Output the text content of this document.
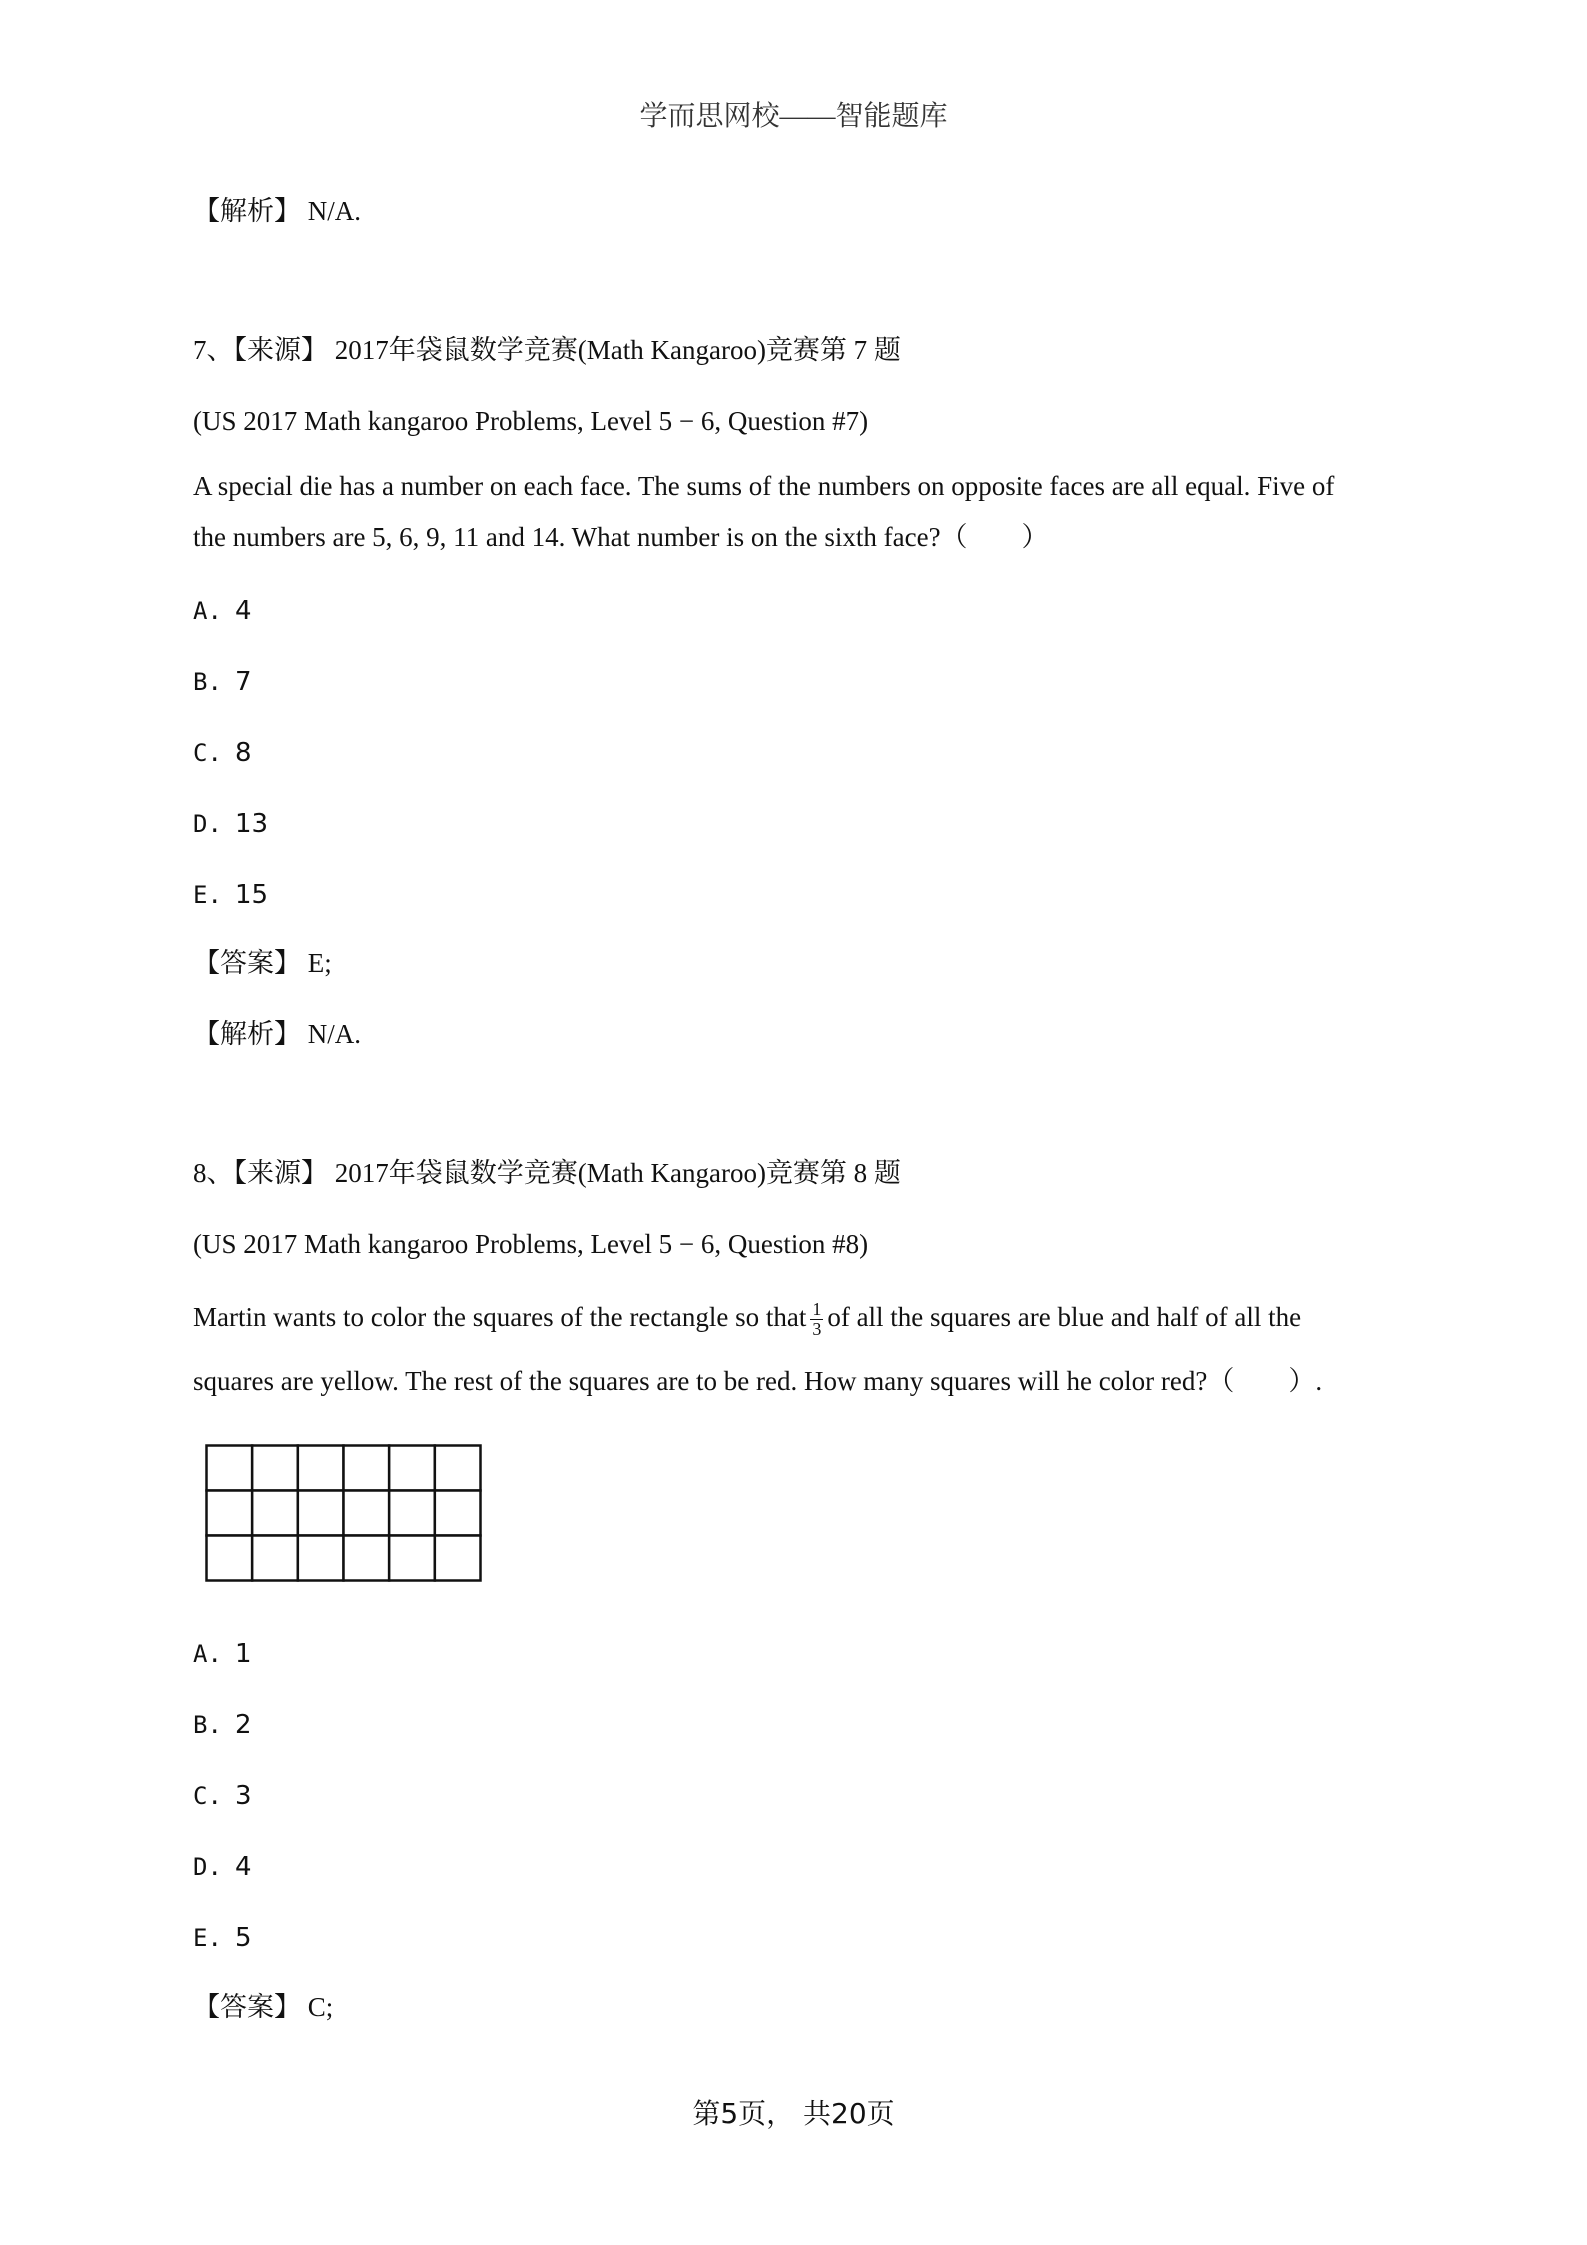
学而思网校——智能题库
【解析】 N/A.
7、【来源】 2017年袋鼠数学竞赛(Math Kangaroo)竞赛第 7 题
(US 2017 Math kangaroo Problems, Level 5 − 6, Question #7)
A special die has a number on each face. The sums of the numbers on opposite faces are all equal. Five of
the numbers are 5, 6, 9, 11 and 14. What number is on the sixth face?（　　）
A. 4
B. 7
C. 8
D. 13
E. 15
【答案】 E;
【解析】 N/A.
8、【来源】 2017年袋鼠数学竞赛(Math Kangaroo)竞赛第 8 题
(US 2017 Math kangaroo Problems, Level 5 − 6, Question #8)
Martin wants to color the squares of the rectangle so that $\frac{1}{3}$ of all the squares are blue and half of all the
squares are yellow. The rest of the squares are to be red. How many squares will he color red?（　　）.
A. 1
B. 2
C. 3
D. 4
E. 5
【答案】 C;
第5页， 共20页
